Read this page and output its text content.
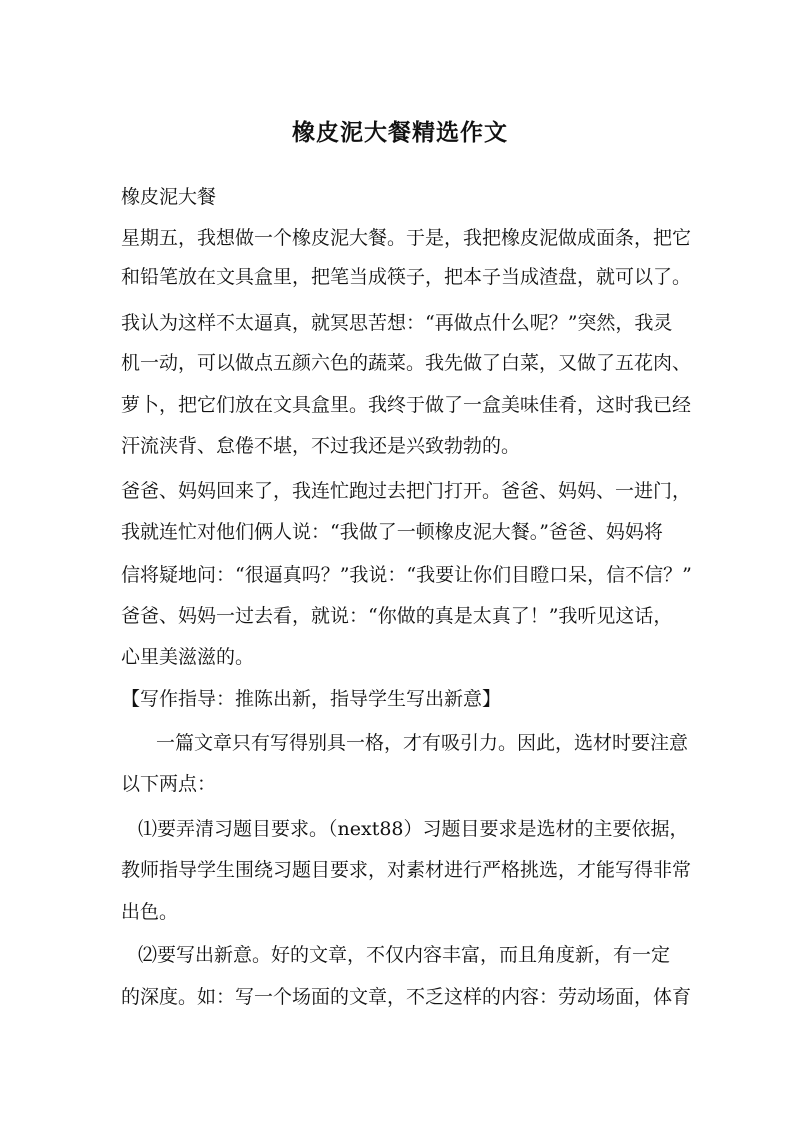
橡皮泥大餐精选作文

橡皮泥大餐

星期五，我想做一个橡皮泥大餐。于是，我把橡皮泥做成面条，把它

和铅笔放在文具盒里，把笔当成筷子，把本子当成渣盘，就可以了。

我认为这样不太逼真，就冥思苦想：“再做点什么呢？”突然，我灵

机一动，可以做点五颜六色的蔬菜。我先做了白菜，又做了五花肉、

萝卜，把它们放在文具盒里。我终于做了一盒美味佳肴，这时我已经

汗流浃背、怠倦不堪，不过我还是兴致勃勃的。

爸爸、妈妈回来了，我连忙跑过去把门打开。爸爸、妈妈、一进门，

我就连忙对他们俩人说：“我做了一顿橡皮泥大餐。”爸爸、妈妈将

信将疑地问：“很逼真吗？”我说：“我要让你们目瞪口呆，信不信？”

爸爸、妈妈一过去看，就说：“你做的真是太真了！”我听见这话，

心里美滋滋的。

【写作指导：推陈出新，指导学生写出新意】

一篇文章只有写得别具一格，才有吸引力。因此，选材时要注意

以下两点：

⑴要弄清习题目要求。（next88）习题目要求是选材的主要依据，

教师指导学生围绕习题目要求，对素材进行严格挑选，才能写得非常

出色。

⑵要写出新意。好的文章，不仅内容丰富，而且角度新，有一定

的深度。如：写一个场面的文章，不乏这样的内容：劳动场面，体育
